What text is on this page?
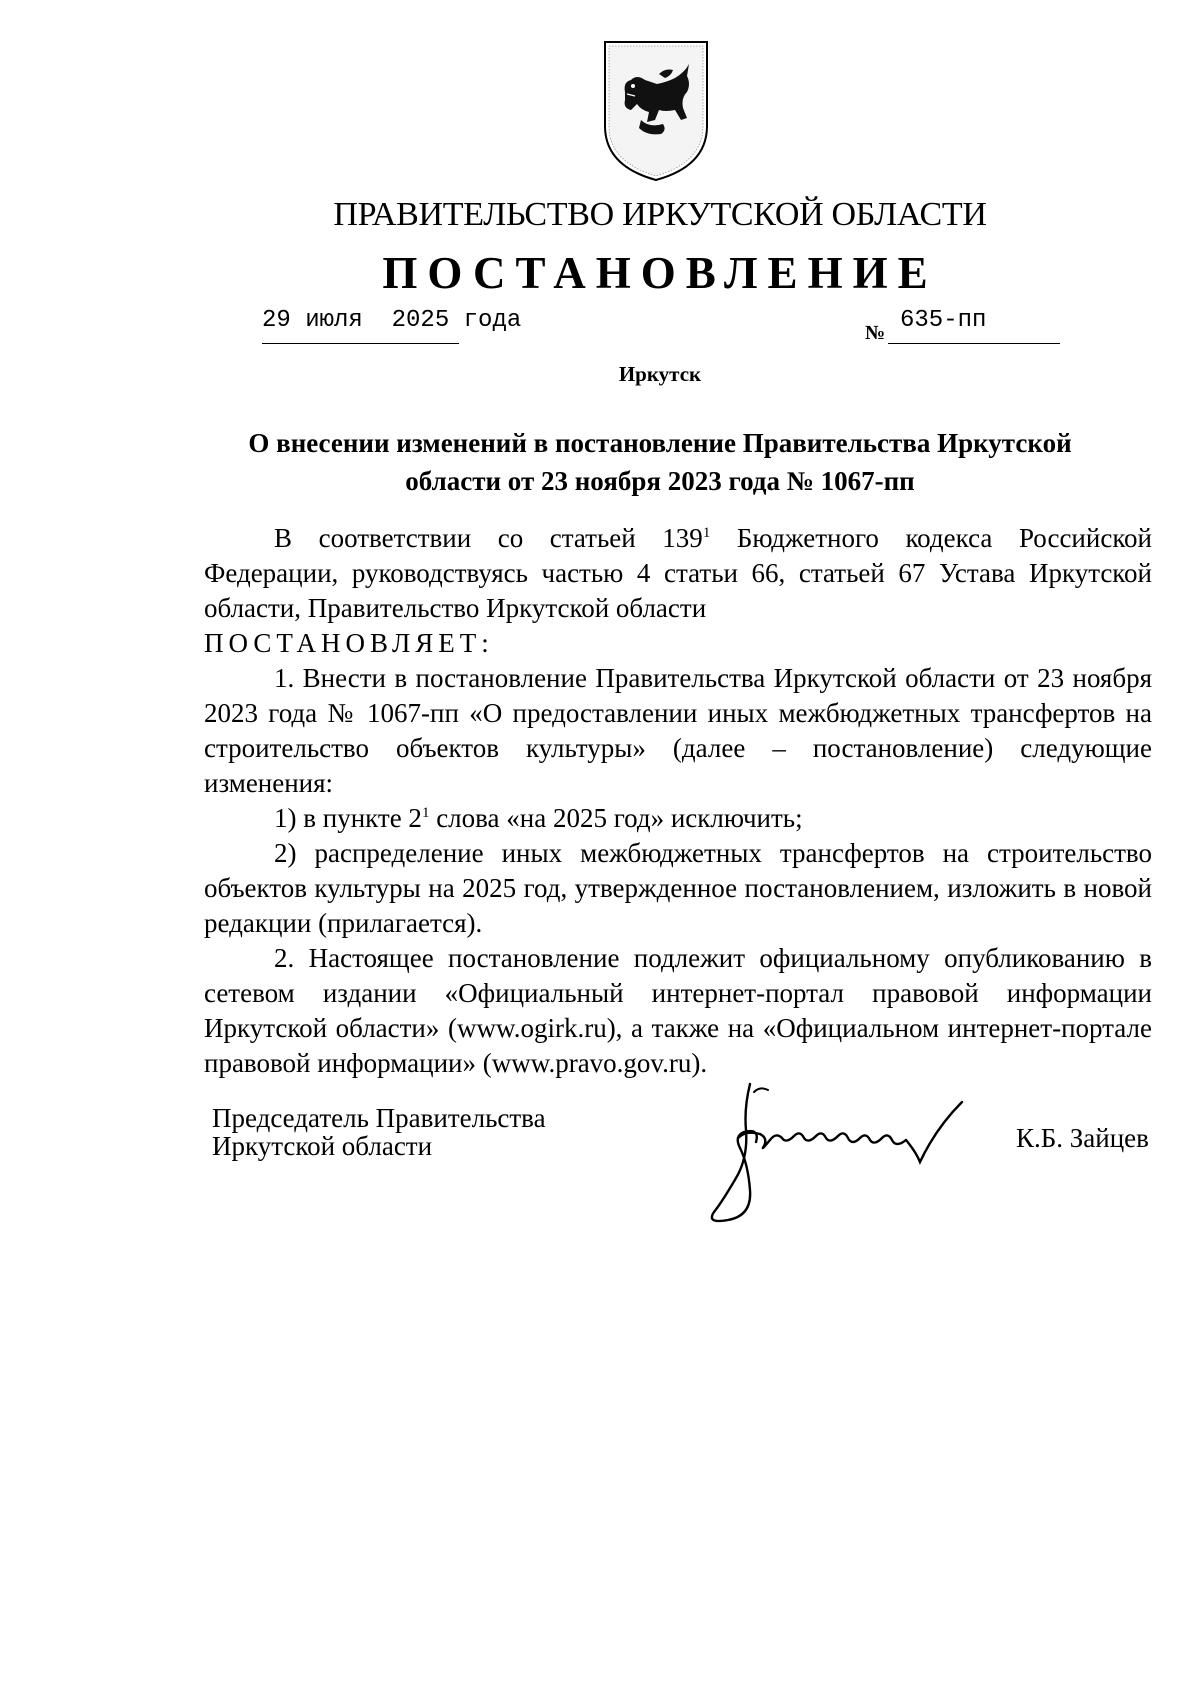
ПРАВИТЕЛЬСТВО ИРКУТСКОЙ ОБЛАСТИ
ПОСТАНОВЛЕНИЕ
29 июля  2025 года	№ 635-пп
Иркутск
О внесении изменений в постановление Правительства Иркутской
области от 23 ноября 2023 года № 1067-пп

В соответствии со статьей $139^1$ Бюджетного кодекса Российской Федерации, руководствуясь частью 4 статьи 66, статьей 67 Устава Иркутской области, Правительство Иркутской области

ПОСТАНОВЛЯЕТ:

1. Внести в постановление Правительства Иркутской области от 23 ноября 2023 года № 1067-пп «О предоставлении иных межбюджетных трансфертов на строительство объектов культуры» (далее – постановление) следующие изменения:

1) в пункте $2^1$ слова «на 2025 год» исключить;

2) распределение иных межбюджетных трансфертов на строительство объектов культуры на 2025 год, утвержденное постановлением, изложить в новой редакции (прилагается).

2. Настоящее постановление подлежит официальному опубликованию в сетевом издании «Официальный интернет-портал правовой информации Иркутской области» (www.ogirk.ru), а также на «Официальном интернет-портале правовой информации» (www.pravo.gov.ru).

Председатель Правительства
Иркутской области	К.Б. Зайцев
